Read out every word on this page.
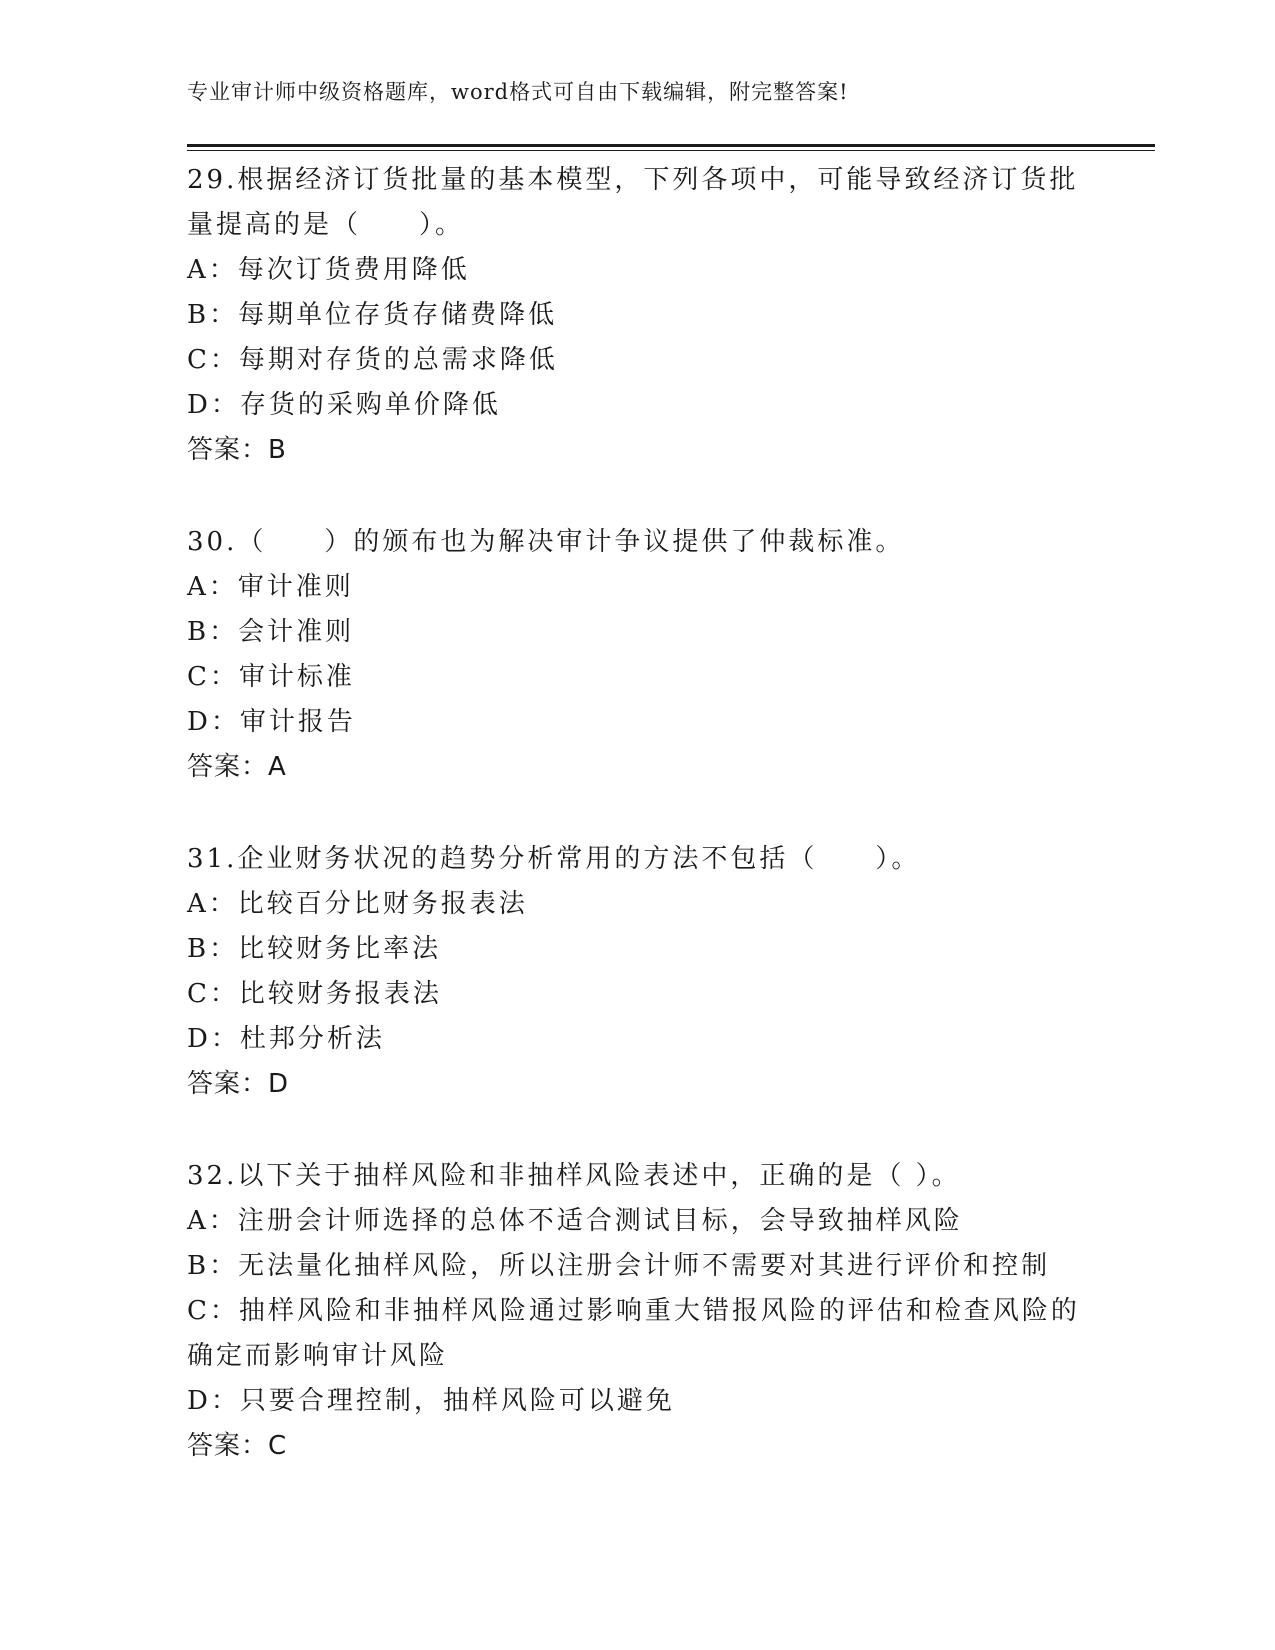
专业审计师中级资格题库，word格式可自由下载编辑，附完整答案!
29.根据经济订货批量的基本模型，下列各项中，可能导致经济订货批
量提高的是（　　）。
A：每次订货费用降低
B：每期单位存货存储费降低
C：每期对存货的总需求降低
D：存货的采购单价降低
答案：B
30.（　　）的颁布也为解决审计争议提供了仲裁标准。
A：审计准则
B：会计准则
C：审计标准
D：审计报告
答案：A
31.企业财务状况的趋势分析常用的方法不包括（　　）。
A：比较百分比财务报表法
B：比较财务比率法
C：比较财务报表法
D：杜邦分析法
答案：D
32.以下关于抽样风险和非抽样风险表述中，正确的是（ ）。
A：注册会计师选择的总体不适合测试目标，会导致抽样风险
B：无法量化抽样风险，所以注册会计师不需要对其进行评价和控制
C：抽样风险和非抽样风险通过影响重大错报风险的评估和检查风险的
确定而影响审计风险
D：只要合理控制，抽样风险可以避免
答案：C
